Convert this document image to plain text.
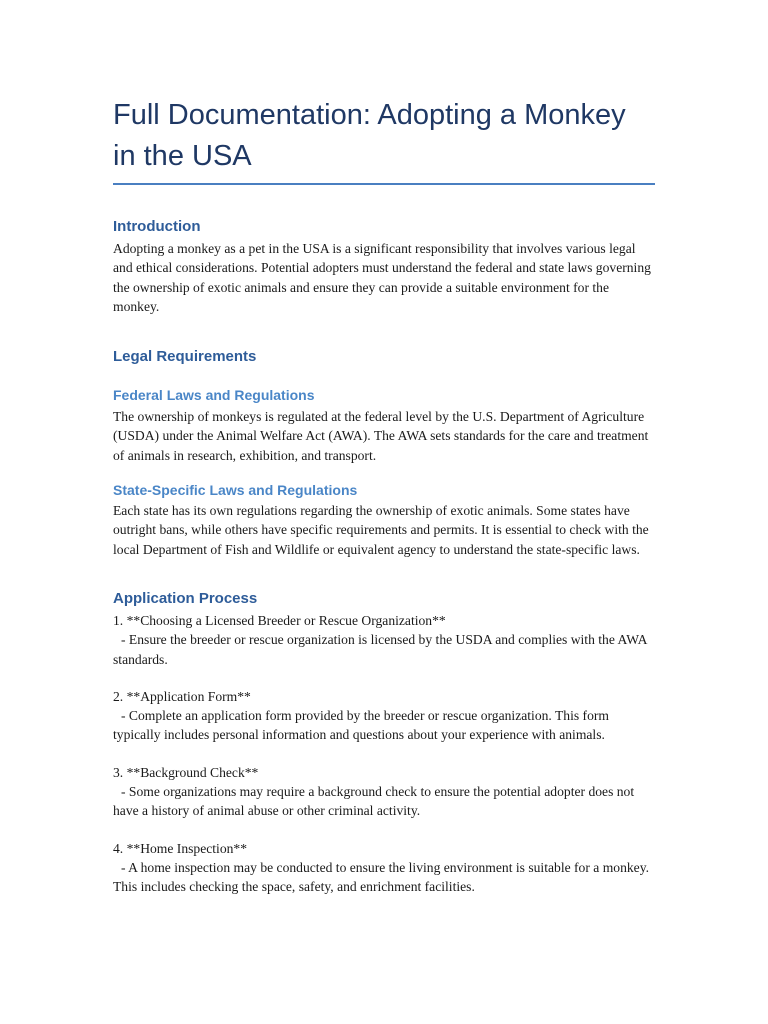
Full Documentation: Adopting a Monkey in the USA
Introduction

Adopting a monkey as a pet in the USA is a significant responsibility that involves various legal and ethical considerations. Potential adopters must understand the federal and state laws governing the ownership of exotic animals and ensure they can provide a suitable environment for the monkey.

Legal Requirements
Federal Laws and Regulations

The ownership of monkeys is regulated at the federal level by the U.S. Department of Agriculture (USDA) under the Animal Welfare Act (AWA). The AWA sets standards for the care and treatment of animals in research, exhibition, and transport.

State-Specific Laws and Regulations

Each state has its own regulations regarding the ownership of exotic animals. Some states have outright bans, while others have specific requirements and permits. It is essential to check with the local Department of Fish and Wildlife or equivalent agency to understand the state-specific laws.

Application Process

1. **Choosing a Licensed Breeder or Rescue Organization**

- Ensure the breeder or rescue organization is licensed by the USDA and complies with the AWA standards.

2. **Application Form**

- Complete an application form provided by the breeder or rescue organization. This form typically includes personal information and questions about your experience with animals.

3. **Background Check**

- Some organizations may require a background check to ensure the potential adopter does not have a history of animal abuse or other criminal activity.

4. **Home Inspection**

- A home inspection may be conducted to ensure the living environment is suitable for a monkey. This includes checking the space, safety, and enrichment facilities.
